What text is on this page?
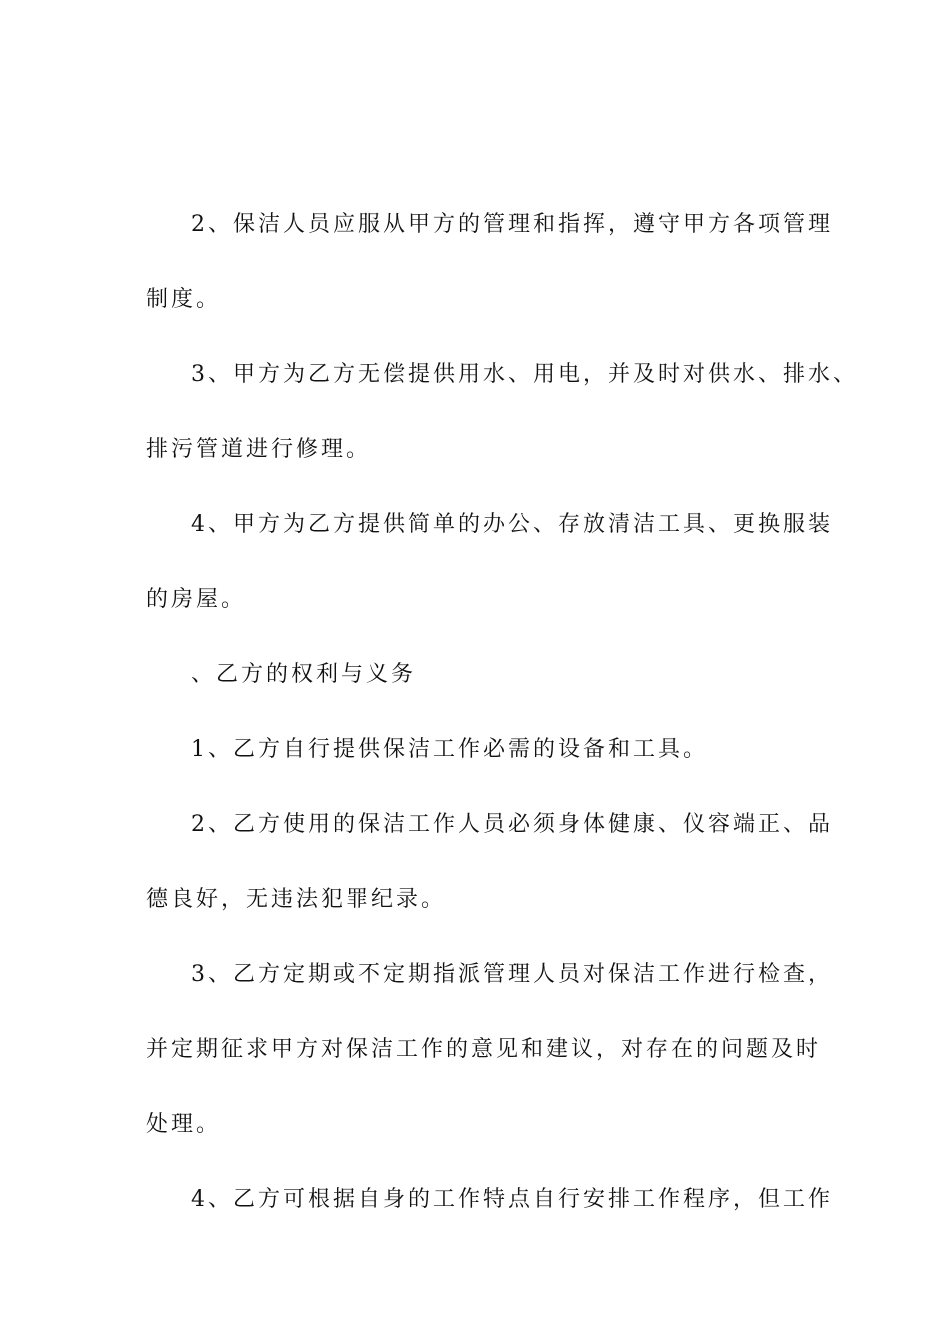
2、保洁人员应服从甲方的管理和指挥，遵守甲方各项管理
制度。
3、甲方为乙方无偿提供用水、用电，并及时对供水、排水、
排污管道进行修理。
4、甲方为乙方提供简单的办公、存放清洁工具、更换服装
的房屋。
、乙方的权利与义务
1、乙方自行提供保洁工作必需的设备和工具。
2、乙方使用的保洁工作人员必须身体健康、仪容端正、品
德良好，无违法犯罪纪录。
3、乙方定期或不定期指派管理人员对保洁工作进行检查，
并定期征求甲方对保洁工作的意见和建议，对存在的问题及时
处理。
4、乙方可根据自身的工作特点自行安排工作程序，但工作
